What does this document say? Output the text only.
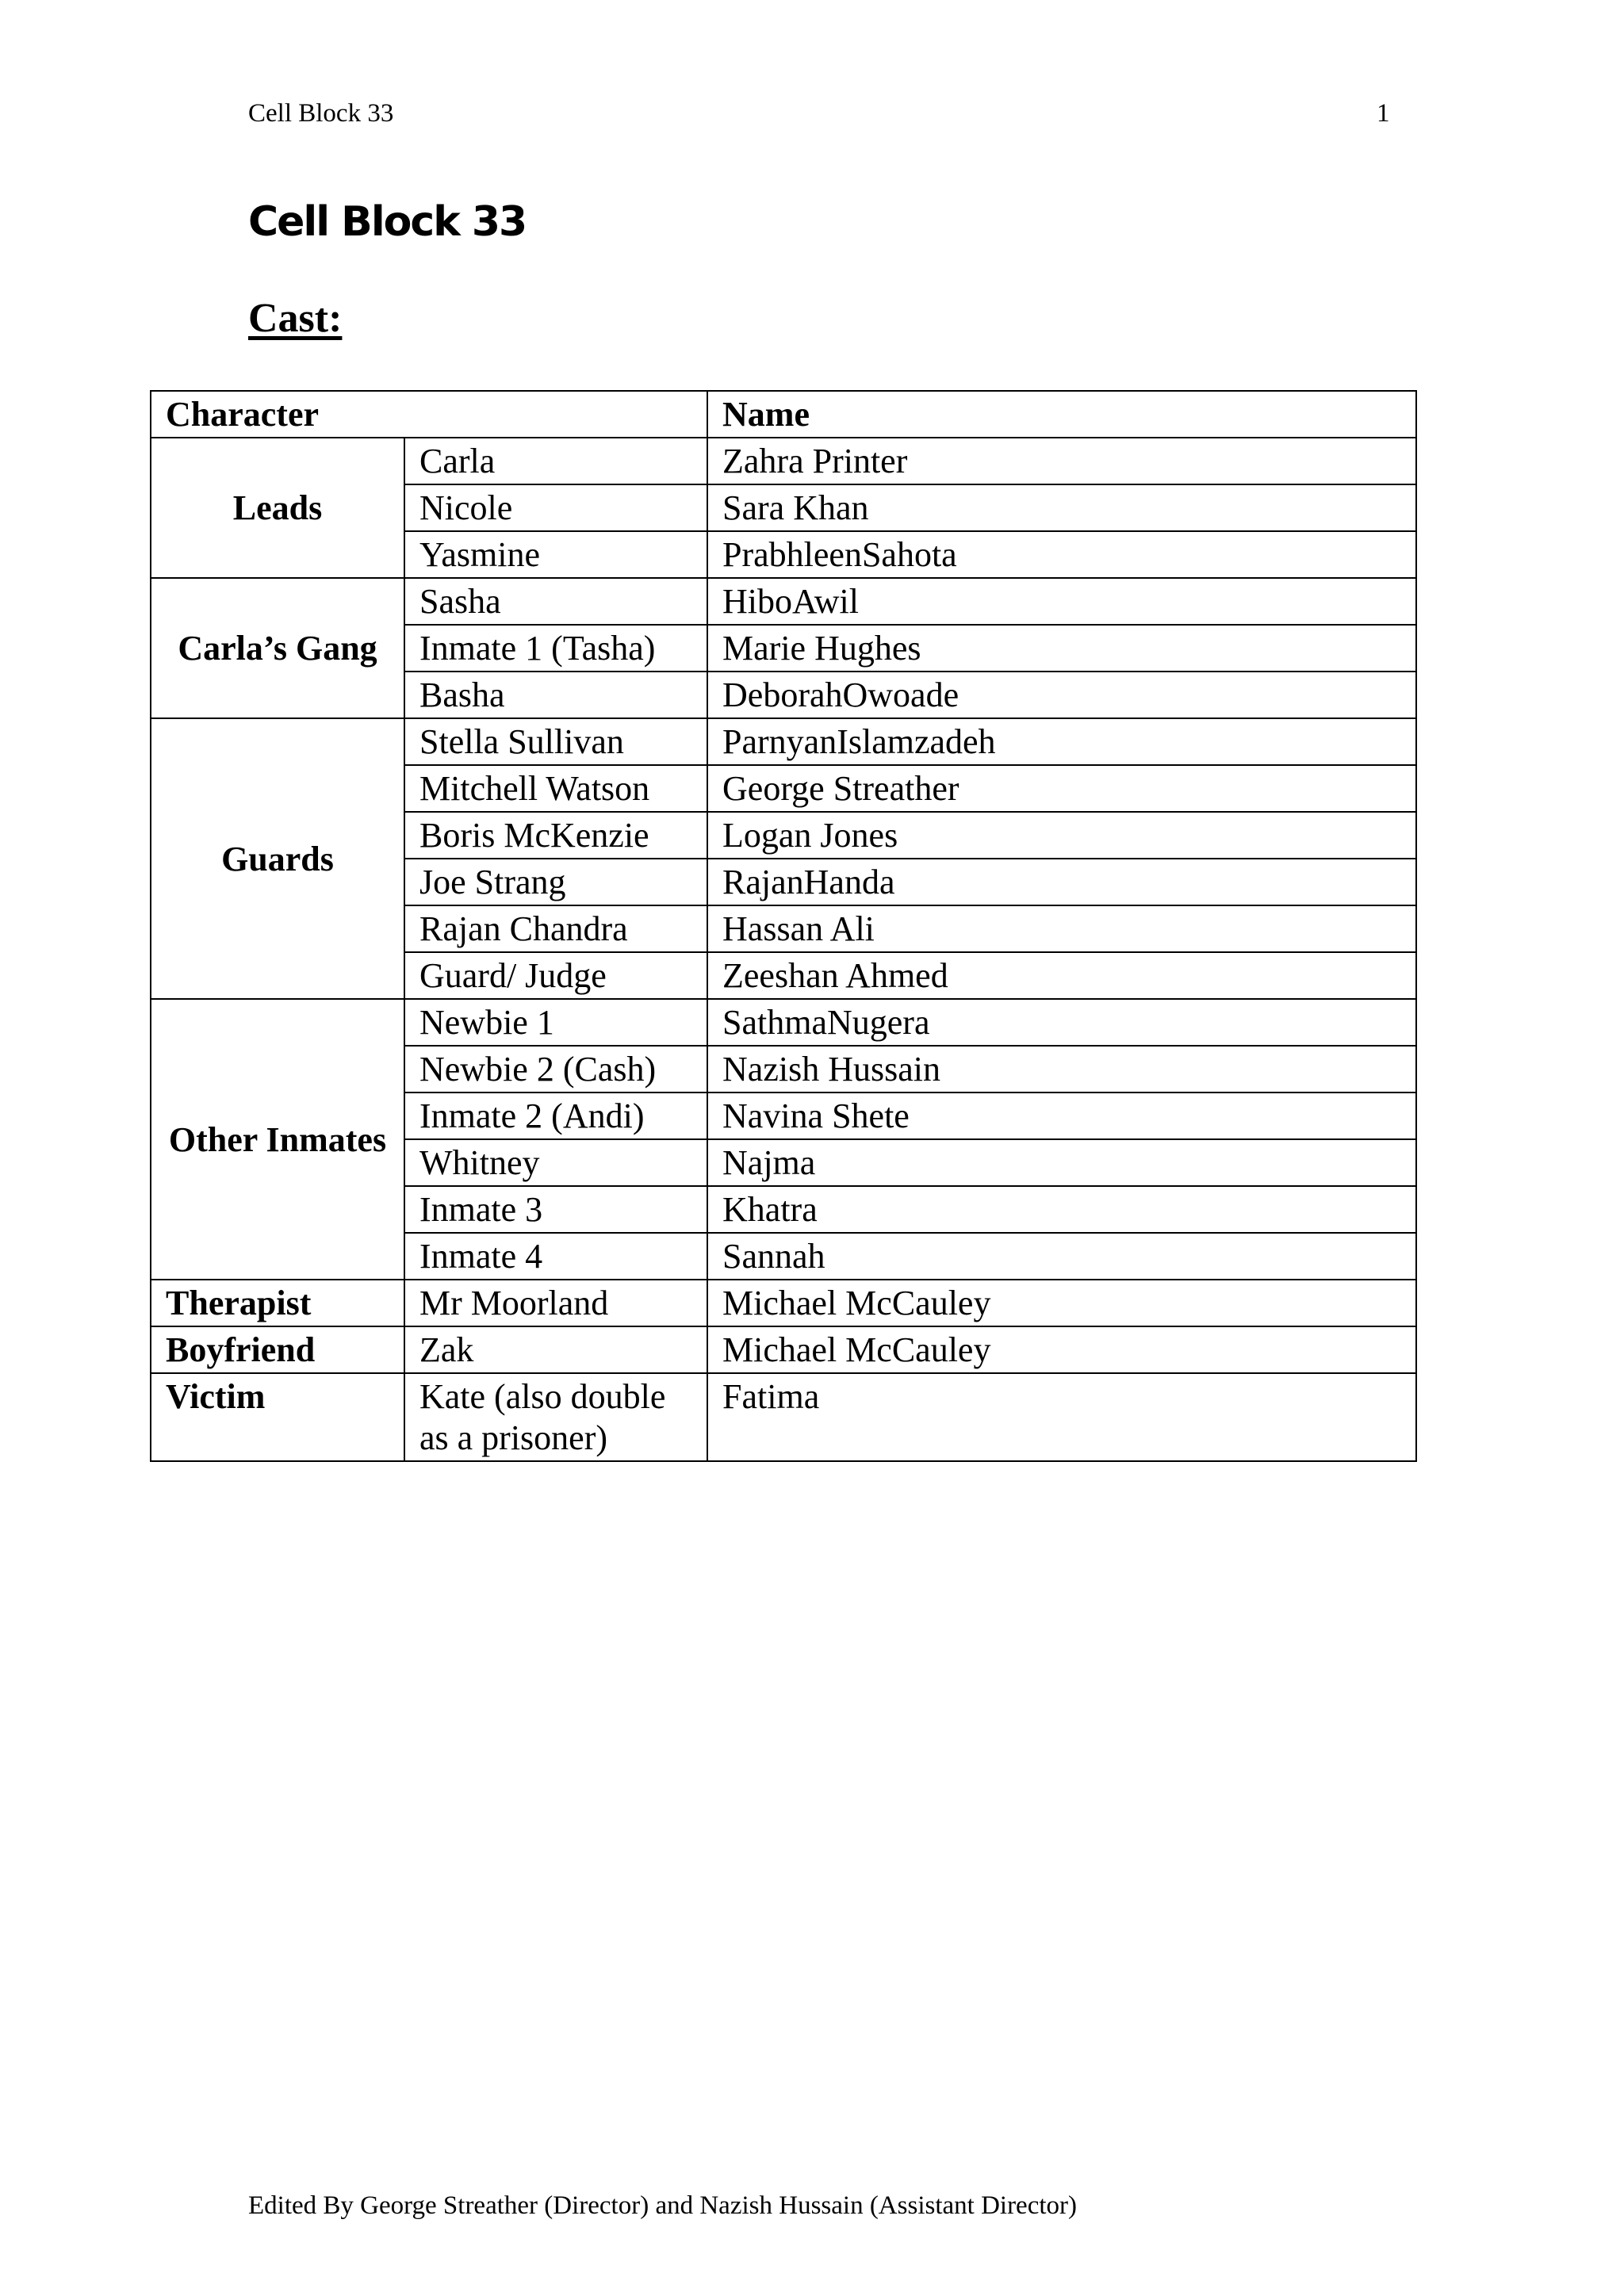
Cell Block 33	1
Cell Block 33
Cast:
Character		Name
Leads	Carla	Zahra Printer
	Nicole	Sara Khan
	Yasmine	PrabhleenSahota
Carla’s Gang	Sasha	HiboAwil
	Inmate 1 (Tasha)	Marie Hughes
	Basha	DeborahOwoade
Guards	Stella Sullivan	ParnyanIslamzadeh
	Mitchell Watson	George Streather
	Boris McKenzie	Logan Jones
	Joe Strang	RajanHanda
	Rajan Chandra	Hassan Ali
	Guard/ Judge	Zeeshan Ahmed
Other Inmates	Newbie 1	SathmaNugera
	Newbie 2 (Cash)	Nazish Hussain
	Inmate 2 (Andi)	Navina Shete
	Whitney	Najma
	Inmate 3	Khatra
	Inmate 4	Sannah
Therapist	Mr Moorland	Michael McCauley
Boyfriend	Zak	Michael McCauley
Victim	Kate (also double as a prisoner)	Fatima
Edited By George Streather (Director) and Nazish Hussain (Assistant Director)
